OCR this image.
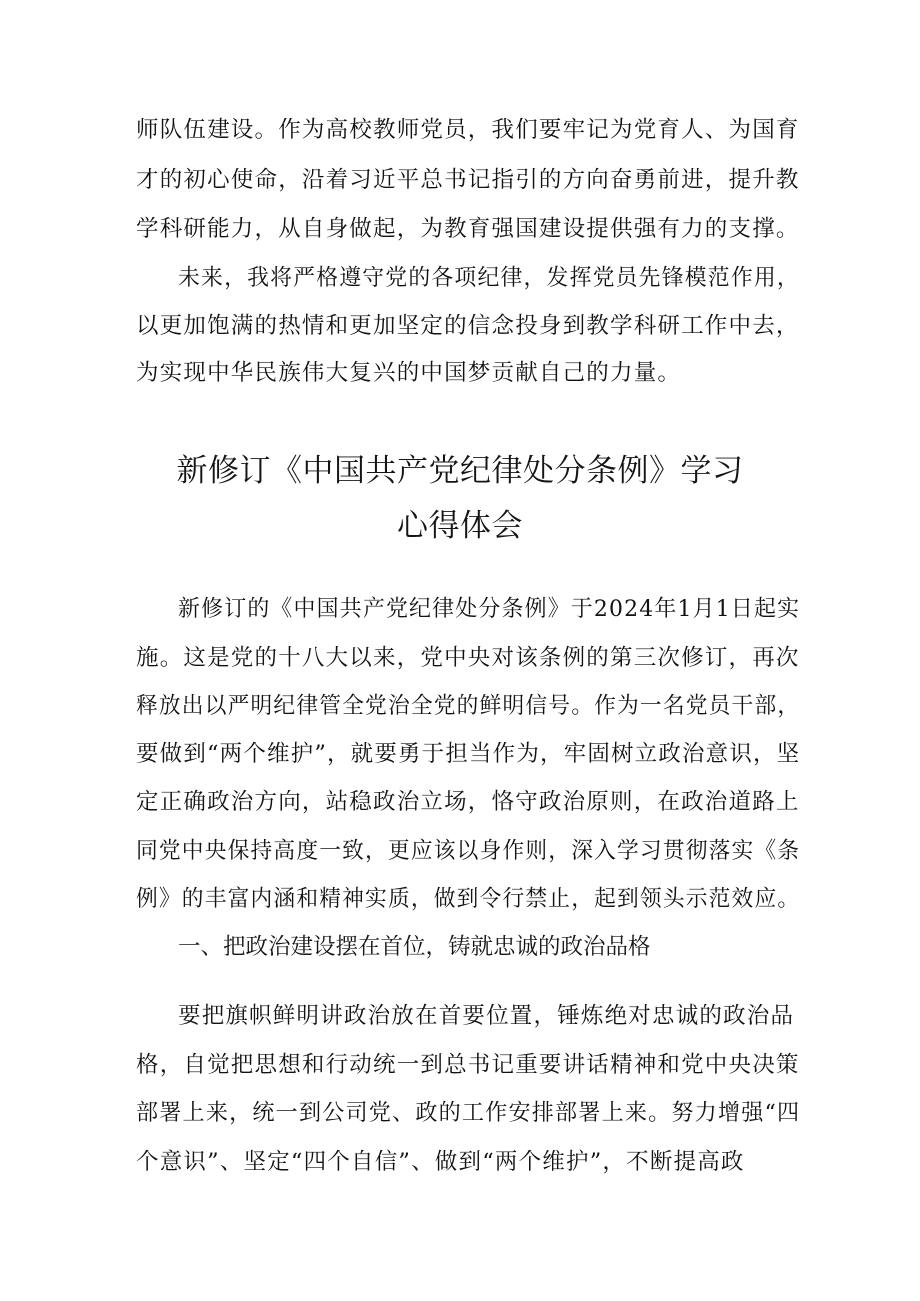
师队伍建设。作为高校教师党员，我们要牢记为党育人、为国育
才的初心使命，沿着习近平总书记指引的方向奋勇前进，提升教
学科研能力，从自身做起，为教育强国建设提供强有力的支撑。
未来，我将严格遵守党的各项纪律，发挥党员先锋模范作用，
以更加饱满的热情和更加坚定的信念投身到教学科研工作中去，
为实现中华民族伟大复兴的中国梦贡献自己的力量。
新修订《中国共产党纪律处分条例》学习
心得体会
新修订的《中国共产党纪律处分条例》于2024年1月1日起实
施。这是党的十八大以来，党中央对该条例的第三次修订，再次
释放出以严明纪律管全党治全党的鲜明信号。作为一名党员干部，
要做到“两个维护”，就要勇于担当作为，牢固树立政治意识，坚
定正确政治方向，站稳政治立场，恪守政治原则，在政治道路上
同党中央保持高度一致，更应该以身作则，深入学习贯彻落实《条
例》的丰富内涵和精神实质，做到令行禁止，起到领头示范效应。
一、把政治建设摆在首位，铸就忠诚的政治品格
要把旗帜鲜明讲政治放在首要位置，锤炼绝对忠诚的政治品
格，自觉把思想和行动统一到总书记重要讲话精神和党中央决策
部署上来，统一到公司党、政的工作安排部署上来。努力增强“四
个意识”、坚定“四个自信”、做到“两个维护”，不断提高政
